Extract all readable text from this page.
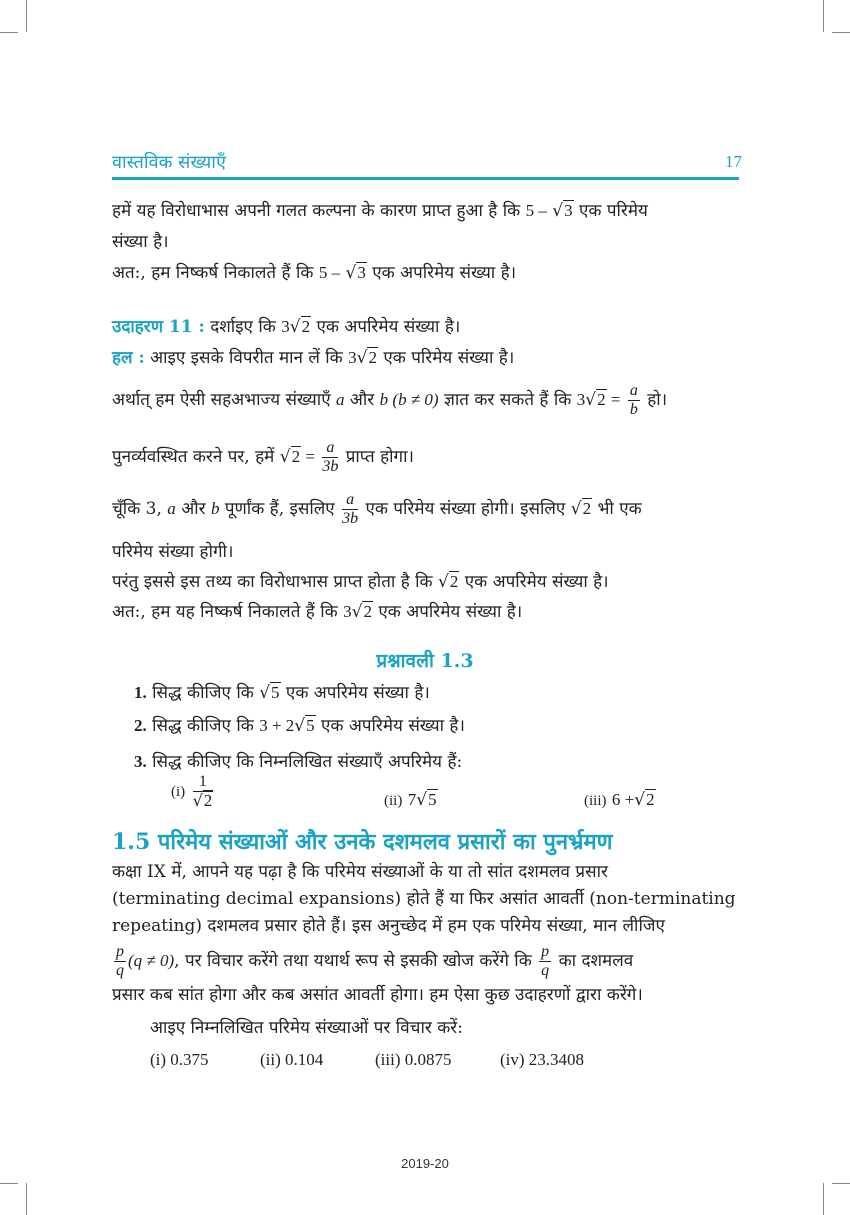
वास्तविक संख्याएँ	17
हमें यह विरोधाभास अपनी गलत कल्पना के कारण प्राप्त हुआ है कि 5 – √3 एक परिमेय
संख्या है।
अत:, हम निष्कर्ष निकालते हैं कि 5 – √3 एक अपरिमेय संख्या है।
उदाहरण 11 : दर्शाइए कि 3√2 एक अपरिमेय संख्या है।
हल : आइए इसके विपरीत मान लें कि 3√2 एक परिमेय संख्या है।
अर्थात् हम ऐसी सहअभाज्य संख्याएँ a और b (b ≠ 0) ज्ञात कर सकते हैं कि $3√2 = \frac{a}{b}$ हो।
पुनर्व्यवस्थित करने पर, हमें $√2 = \frac{a}{3b}$ प्राप्त होगा।
चूँकि 3, a और b पूर्णांक हैं, इसलिए $\frac{a}{3b}$ एक परिमेय संख्या होगी। इसलिए √2 भी एक
परिमेय संख्या होगी।
परंतु इससे इस तथ्य का विरोधाभास प्राप्त होता है कि √2 एक अपरिमेय संख्या है।
अत:, हम यह निष्कर्ष निकालते हैं कि 3√2 एक अपरिमेय संख्या है।
प्रश्नावली 1.3
1. सिद्ध कीजिए कि √5 एक अपरिमेय संख्या है।
2. सिद्ध कीजिए कि 3 + 2√5 एक अपरिमेय संख्या है।
3. सिद्ध कीजिए कि निम्नलिखित संख्याएँ अपरिमेय हैं:
$(i) \frac{1}{√2}$	(ii) 7√5	(iii) 6 +√2
1.5 परिमेय संख्याओं और उनके दशमलव प्रसारों का पुनर्भ्रमण
कक्षा IX में, आपने यह पढ़ा है कि परिमेय संख्याओं के या तो सांत दशमलव प्रसार
(terminating decimal expansions) होते हैं या फिर असांत आवर्ती (non-terminating
repeating) दशमलव प्रसार होते हैं। इस अनुच्छेद में हम एक परिमेय संख्या, मान लीजिए
$\frac{p}{q} (q \ne 0)$, पर विचार करेंगे तथा यथार्थ रूप से इसकी खोज करेंगे कि $\frac{p}{q}$ का दशमलव
प्रसार कब सांत होगा और कब असांत आवर्ती होगा। हम ऐसा कुछ उदाहरणों द्वारा करेंगे।
आइए निम्नलिखित परिमेय संख्याओं पर विचार करें:
(i) 0.375	(ii) 0.104	(iii) 0.0875	(iv) 23.3408
2019-20
